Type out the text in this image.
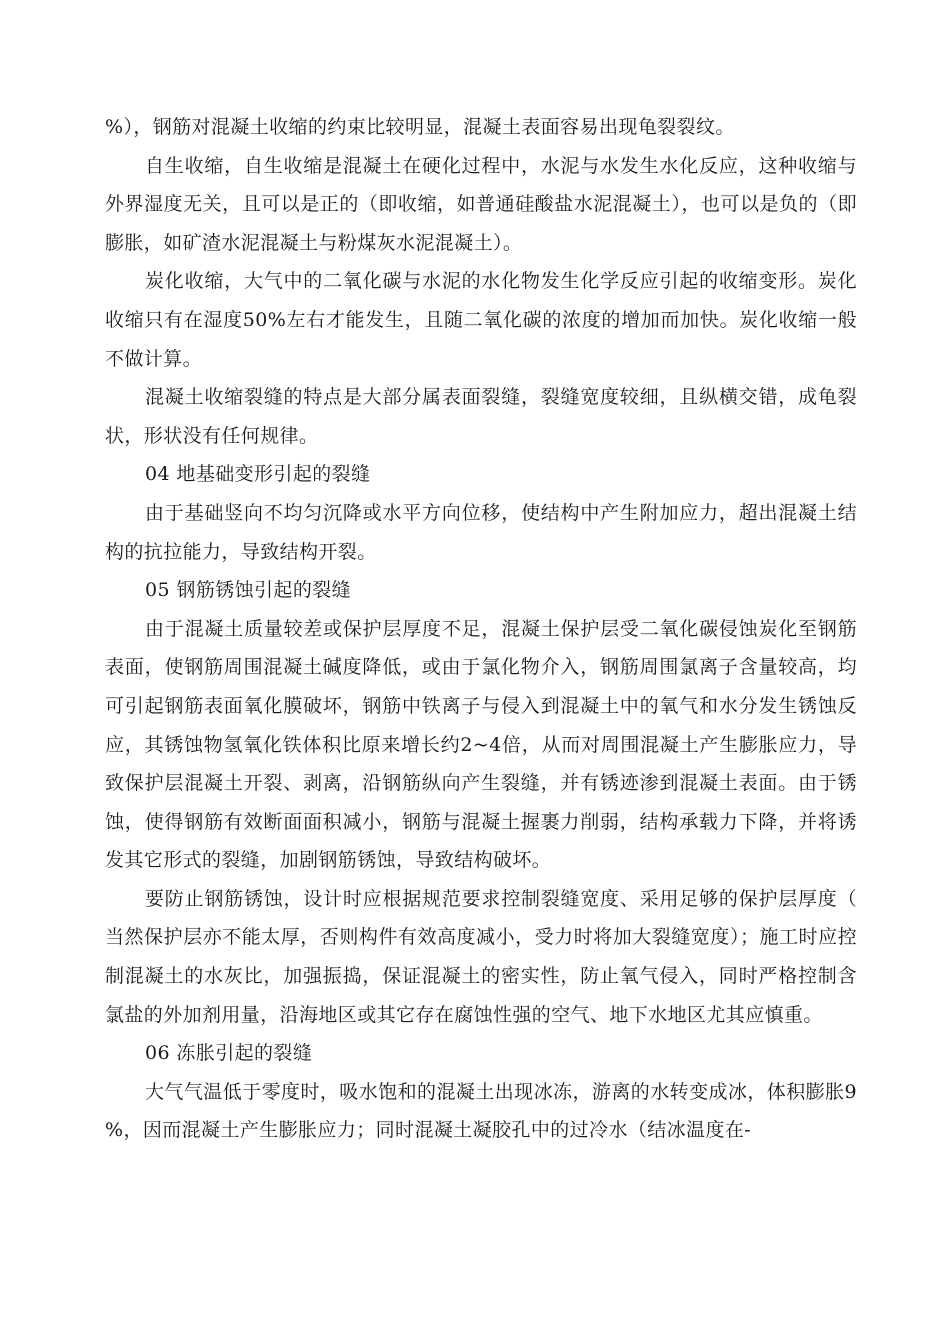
%），钢筋对混凝土收缩的约束比较明显，混凝土表面容易出现龟裂裂纹。

自生收缩，自生收缩是混凝土在硬化过程中，水泥与水发生水化反应，这种收缩与外界湿度无关，且可以是正的（即收缩，如普通硅酸盐水泥混凝土），也可以是负的（即膨胀，如矿渣水泥混凝土与粉煤灰水泥混凝土）。

炭化收缩，大气中的二氧化碳与水泥的水化物发生化学反应引起的收缩变形。炭化收缩只有在湿度50%左右才能发生，且随二氧化碳的浓度的增加而加快。炭化收缩一般不做计算。

混凝土收缩裂缝的特点是大部分属表面裂缝，裂缝宽度较细，且纵横交错，成龟裂状，形状没有任何规律。

04 地基础变形引起的裂缝

由于基础竖向不均匀沉降或水平方向位移，使结构中产生附加应力，超出混凝土结构的抗拉能力，导致结构开裂。

05 钢筋锈蚀引起的裂缝

由于混凝土质量较差或保护层厚度不足，混凝土保护层受二氧化碳侵蚀炭化至钢筋表面，使钢筋周围混凝土碱度降低，或由于氯化物介入，钢筋周围氯离子含量较高，均可引起钢筋表面氧化膜破坏，钢筋中铁离子与侵入到混凝土中的氧气和水分发生锈蚀反应，其锈蚀物氢氧化铁体积比原来增长约2~4倍，从而对周围混凝土产生膨胀应力，导致保护层混凝土开裂、剥离，沿钢筋纵向产生裂缝，并有锈迹渗到混凝土表面。由于锈蚀，使得钢筋有效断面面积减小，钢筋与混凝土握裹力削弱，结构承载力下降，并将诱发其它形式的裂缝，加剧钢筋锈蚀，导致结构破坏。

要防止钢筋锈蚀，设计时应根据规范要求控制裂缝宽度、采用足够的保护层厚度（当然保护层亦不能太厚，否则构件有效高度减小，受力时将加大裂缝宽度）；施工时应控制混凝土的水灰比，加强振捣，保证混凝土的密实性，防止氧气侵入，同时严格控制含氯盐的外加剂用量，沿海地区或其它存在腐蚀性强的空气、地下水地区尤其应慎重。

06 冻胀引起的裂缝

大气气温低于零度时，吸水饱和的混凝土出现冰冻，游离的水转变成冰，体积膨胀9%，因而混凝土产生膨胀应力；同时混凝土凝胶孔中的过冷水（结冰温度在-
